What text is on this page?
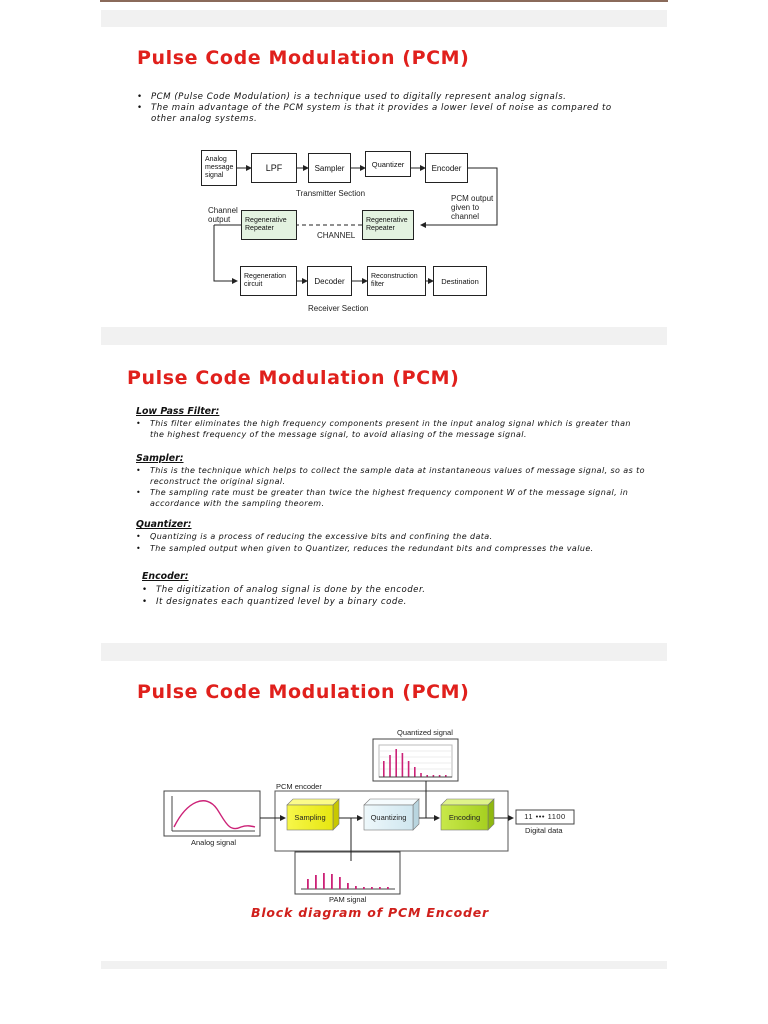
Pulse Code Modulation (PCM)
• PCM (Pulse Code Modulation) is a technique used to digitally represent analog signals.
• The main advantage of the PCM system is that it provides a lower level of noise as compared to other analog systems.
Analog message signal
LPF	Sampler	Quantizer	Encoder
Transmitter Section
PCM output given to channel
Channel output	Regenerative Repeater
Regenerative Repeater
CHANNEL
Regeneration circuit	Decoder	Reconstruction filter	Destination
Receiver Section
Pulse Code Modulation (PCM)
Low Pass Filter:
• This filter eliminates the high frequency components present in the input analog signal which is greater than the highest frequency of the message signal, to avoid aliasing of the message signal.
Sampler:
• This is the technique which helps to collect the sample data at instantaneous values of message signal, so as to reconstruct the original signal.
• The sampling rate must be greater than twice the highest frequency component W of the message signal, in accordance with the sampling theorem.
Quantizer:
• Quantizing is a process of reducing the excessive bits and confining the data.
• The sampled output when given to Quantizer, reduces the redundant bits and compresses the value.
Encoder:
• The digitization of analog signal is done by the encoder.
• It designates each quantized level by a binary code.
Pulse Code Modulation (PCM)
Quantized signal
PCM encoder
Sampling	Quantizing	Encoding	11 ••• 1100
Digital data
Analog signal
PAM signal
Block diagram of PCM Encoder
